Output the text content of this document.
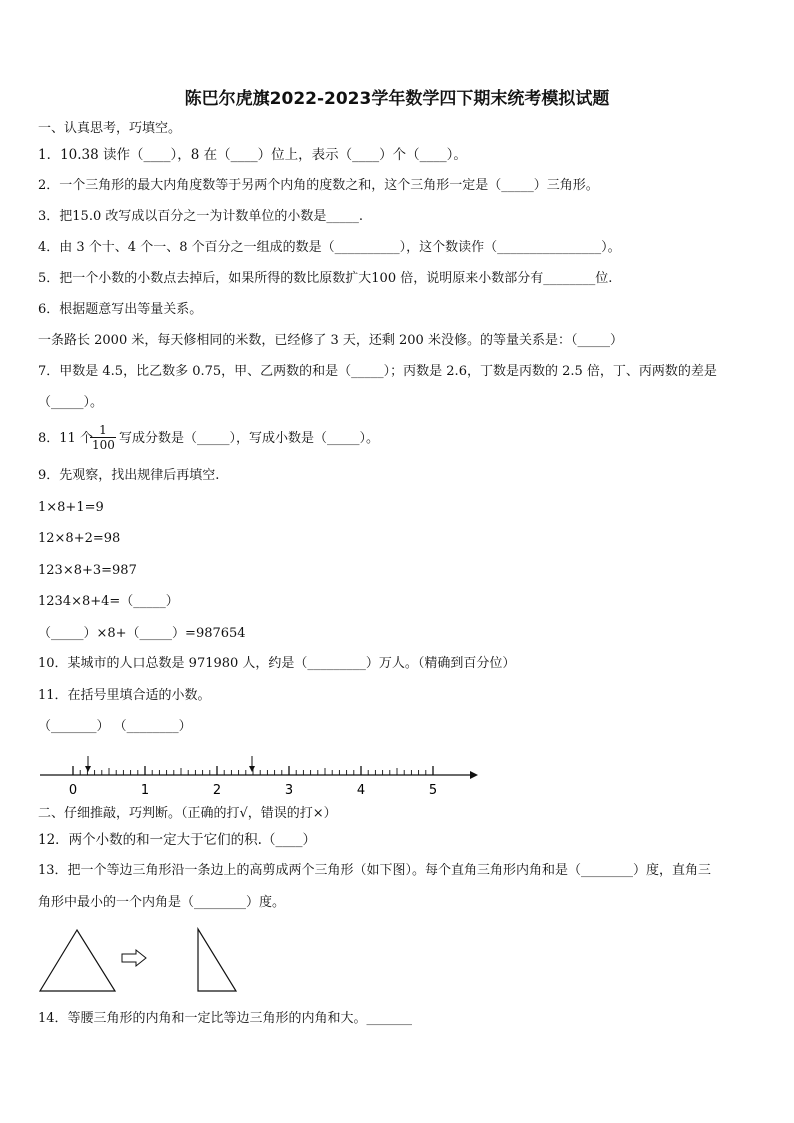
陈巴尔虎旗2022-2023学年数学四下期末统考模拟试题
一、认真思考，巧填空。
1．10.38 读作（____），8 在（____）位上，表示（____）个（____）。
2．一个三角形的最大内角度数等于另两个内角的度数之和，这个三角形一定是（_____）三角形。
3．把15.0 改写成以百分之一为计数单位的小数是_____.
4．由 3 个十、4 个一、8 个百分之一组成的数是（__________），这个数读作（________________）。
5．把一个小数的小数点去掉后，如果所得的数比原数扩大100 倍，说明原来小数部分有________位.
6．根据题意写出等量关系。
一条路长 2000 米，每天修相同的米数，已经修了 3 天，还剩 200 米没修。的等量关系是：（_____）
7．甲数是 4.5，比乙数多 0.75，甲、乙两数的和是（_____）；丙数是 2.6，丁数是丙数的 2.5 倍，丁、丙两数的差是
（_____）。
8．11 个
$\frac{1}{100}$ 写成分数是（_____），写成小数是（_____）。
9．先观察，找出规律后再填空.
1×8+1=9
12×8+2=98
123×8+3=987
1234×8+4=（_____）
（_____）×8+（_____）=987654
10．某城市的人口总数是 971980 人，约是（_________）万人。（精确到百分位）
11．在括号里填合适的小数。
（_______） （________）
0	1	2	3	4	5
二、仔细推敲，巧判断。（正确的打√，错误的打×）
12．两个小数的和一定大于它们的积.（____）
13．把一个等边三角形沿一条边上的高剪成两个三角形（如下图）。每个直角三角形内角和是（________）度，直角三
角形中最小的一个内角是（________）度。
14．等腰三角形的内角和一定比等边三角形的内角和大。_______
